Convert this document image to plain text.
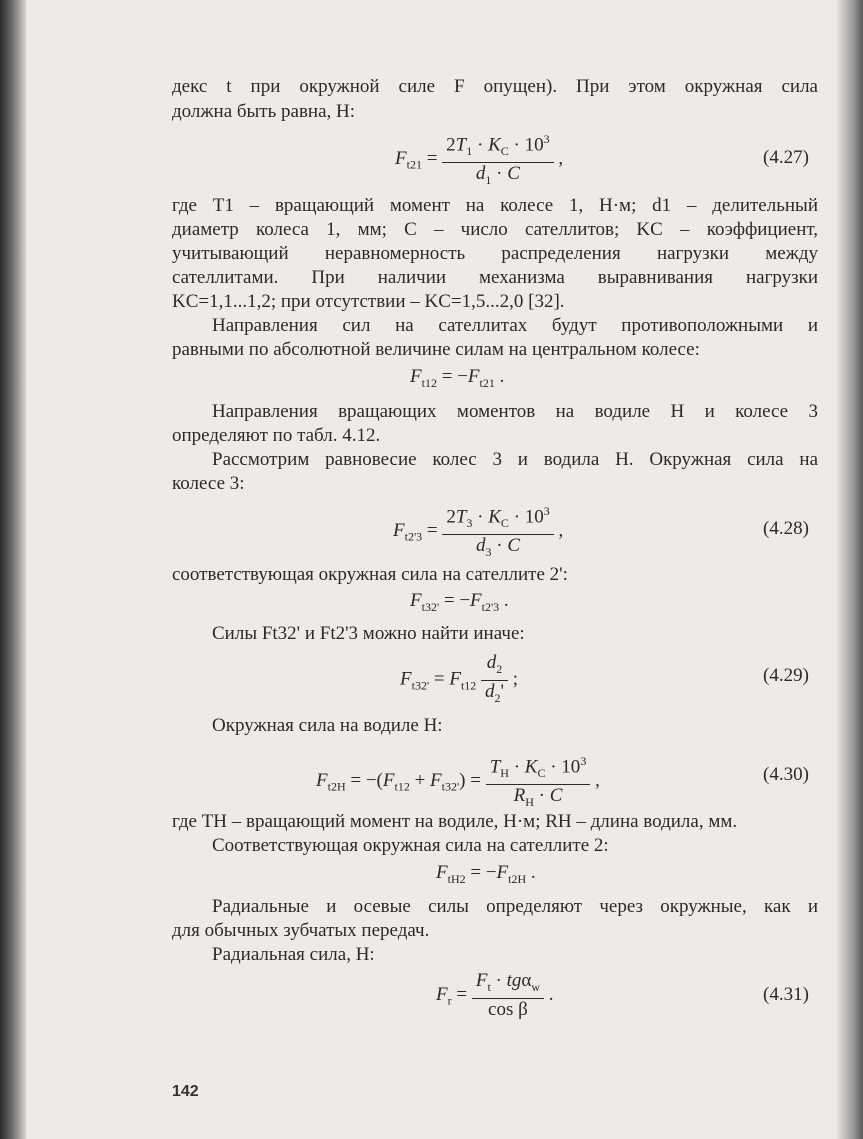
декс t при окружной силе F опущен). При этом окружная сила
должна быть равна, Н:
$F_{t21} = \frac{2T_1 \cdot K_C \cdot 10^3}{d_1 \cdot C}$ ,	(4.27)
где T1 – вращающий момент на колесе 1, Н·м; d1 – делительный
диаметр колеса 1, мм; C – число сателлитов; KC – коэффициент,
учитывающий неравномерность распределения нагрузки между
сателлитами. При наличии механизма выравнивания нагрузки
KC=1,1...1,2; при отсутствии – KC=1,5...2,0 [32].
Направления сил на сателлитах будут противоположными и
равными по абсолютной величине силам на центральном колесе:
$F_{t12} = -F_{t21}$ .
Направления вращающих моментов на водиле H и колесе 3
определяют по табл. 4.12.
Рассмотрим равновесие колес 3 и водила H. Окружная сила на
колесе 3:
$F_{t2'3} = \frac{2T_3 \cdot K_C \cdot 10^3}{d_3 \cdot C}$ ,	(4.28)
соответствующая окружная сила на сателлите 2':
$F_{t32'} = -F_{t2'3}$ .
Силы Ft32' и Ft2'3 можно найти иначе:
$F_{t32'} = F_{t12} \frac{d_2}{d_2'}$ ;	(4.29)
Окружная сила на водиле H:
$F_{t2H} = -(F_{t12} + F_{t32'}) = \frac{T_H \cdot K_C \cdot 10^3}{R_H \cdot C}$ ,	(4.30)
где TH – вращающий момент на водиле, Н·м; RH – длина водила, мм.
Соответствующая окружная сила на сателлите 2:
$F_{tH2} = -F_{t2H}$ .
Радиальные и осевые силы определяют через окружные, как и
для обычных зубчатых передач.
Радиальная сила, Н:
$F_r = \frac{F_t \cdot tg\alpha_w}{\text{cos β}}$ .	(4.31)
142
